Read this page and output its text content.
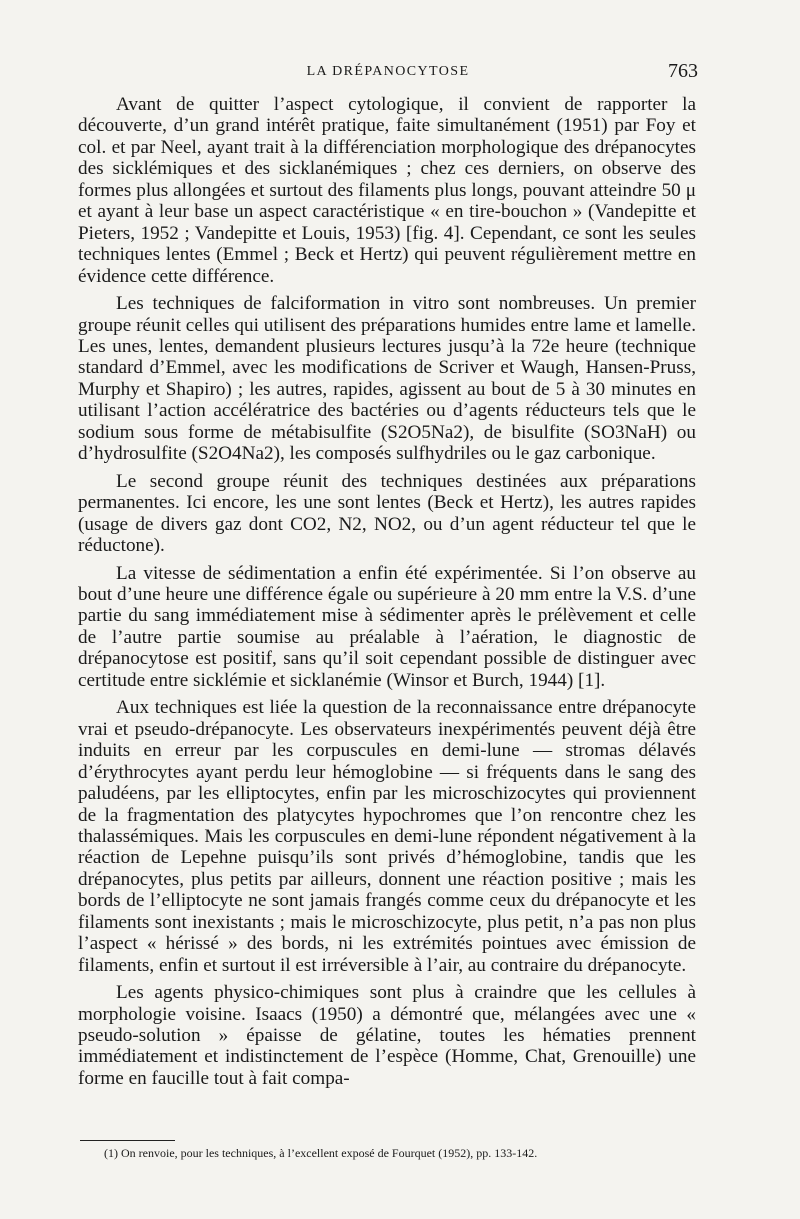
LA DRÉPANOCYTOSE	763

Avant de quitter l’aspect cytologique, il convient de rapporter la découverte, d’un grand intérêt pratique, faite simultanément (1951) par Foy et col. et par Neel, ayant trait à la différenciation morphologique des drépanocytes des sicklémiques et des sicklanémiques ; chez ces derniers, on observe des formes plus allongées et surtout des filaments plus longs, pouvant atteindre 50 μ et ayant à leur base un aspect caractéristique « en tire-bouchon » (Vandepitte et Pieters, 1952 ; Vandepitte et Louis, 1953) [fig. 4]. Cependant, ce sont les seules techniques lentes (Emmel ; Beck et Hertz) qui peuvent régulièrement mettre en évidence cette différence.

Les techniques de falciformation in vitro sont nombreuses. Un premier groupe réunit celles qui utilisent des préparations humides entre lame et lamelle. Les unes, lentes, demandent plusieurs lectures jusqu’à la 72e heure (technique standard d’Emmel, avec les modifications de Scriver et Waugh, Hansen-Pruss, Murphy et Shapiro) ; les autres, rapides, agissent au bout de 5 à 30 minutes en utilisant l’action accélératrice des bactéries ou d’agents réducteurs tels que le sodium sous forme de métabisulfite (S2O5Na2), de bisulfite (SO3NaH) ou d’hydrosulfite (S2O4Na2), les composés sulfhydriles ou le gaz carbonique.

Le second groupe réunit des techniques destinées aux préparations permanentes. Ici encore, les une sont lentes (Beck et Hertz), les autres rapides (usage de divers gaz dont CO2, N2, NO2, ou d’un agent réducteur tel que le réductone).

La vitesse de sédimentation a enfin été expérimentée. Si l’on observe au bout d’une heure une différence égale ou supérieure à 20 mm entre la V.S. d’une partie du sang immédiatement mise à sédimenter après le prélèvement et celle de l’autre partie soumise au préalable à l’aération, le diagnostic de drépanocytose est positif, sans qu’il soit cependant possible de distinguer avec certitude entre sicklémie et sicklanémie (Winsor et Burch, 1944) [1].

Aux techniques est liée la question de la reconnaissance entre drépanocyte vrai et pseudo-drépanocyte. Les observateurs inexpérimentés peuvent déjà être induits en erreur par les corpuscules en demi-lune — stromas délavés d’érythrocytes ayant perdu leur hémoglobine — si fréquents dans le sang des paludéens, par les elliptocytes, enfin par les microschizocytes qui proviennent de la fragmentation des platycytes hypochromes que l’on rencontre chez les thalassémiques. Mais les corpuscules en demi-lune répondent négativement à la réaction de Lepehne puisqu’ils sont privés d’hémoglobine, tandis que les drépanocytes, plus petits par ailleurs, donnent une réaction positive ; mais les bords de l’elliptocyte ne sont jamais frangés comme ceux du drépanocyte et les filaments sont inexistants ; mais le microschizocyte, plus petit, n’a pas non plus l’aspect « hérissé » des bords, ni les extrémités pointues avec émission de filaments, enfin et surtout il est irréversible à l’air, au contraire du drépanocyte.

Les agents physico-chimiques sont plus à craindre que les cellules à morphologie voisine. Isaacs (1950) a démontré que, mélangées avec une « pseudo-solution » épaisse de gélatine, toutes les hématies prennent immédiatement et indistinctement de l’espèce (Homme, Chat, Grenouille) une forme en faucille tout à fait compa-

(1) On renvoie, pour les techniques, à l’excellent exposé de Fourquet (1952), pp. 133-142.
